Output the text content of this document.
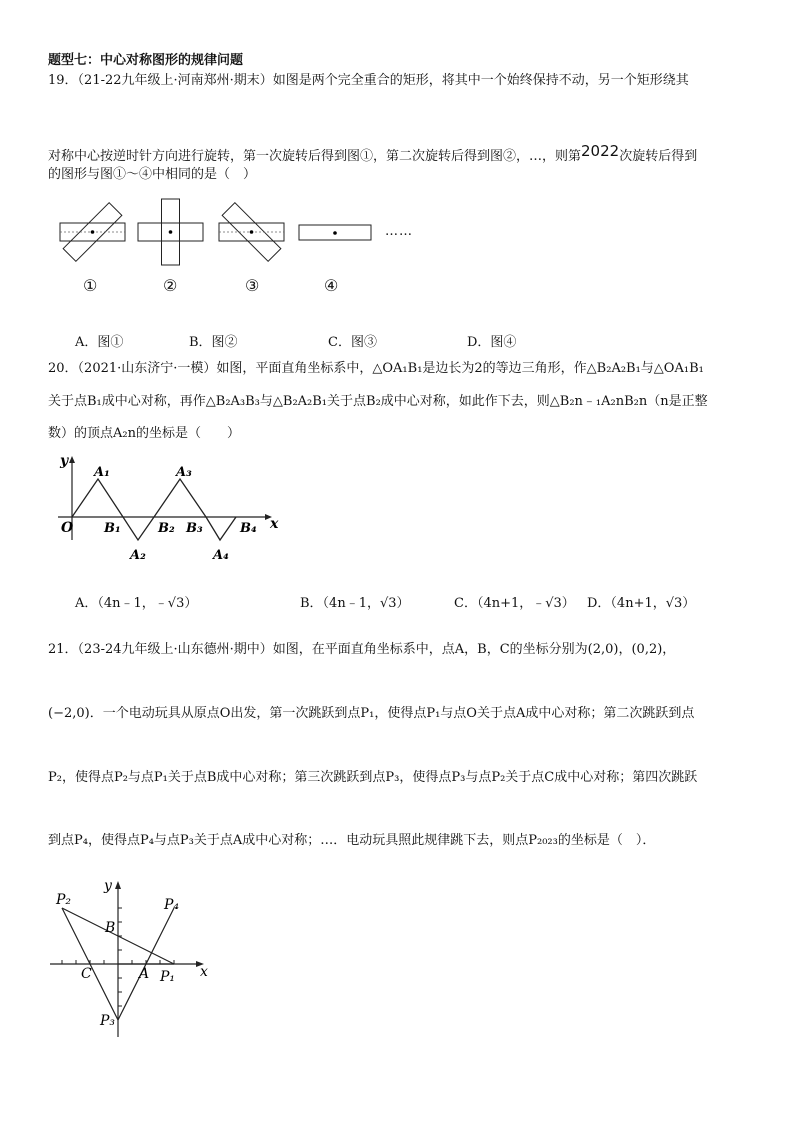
题型七：中心对称图形的规律问题
19．（21-22九年级上·河南郑州·期末）如图是两个完全重合的矩形，将其中一个始终保持不动，另一个矩形绕其
对称中心按逆时针方向进行旋转，第一次旋转后得到图①，第二次旋转后得到图②，…，则第2022次旋转后得到
的图形与图①～④中相同的是（　）
……
①	②	③	④
A．图①	B．图②	C．图③	D．图④
20．（2021·山东济宁·一模）如图，平面直角坐标系中，△OA₁B₁是边长为2的等边三角形，作△B₂A₂B₁与△OA₁B₁
关于点B₁成中心对称，再作△B₂A₃B₃与△B₂A₂B₁关于点B₂成中心对称，如此作下去，则△B₂n﹣₁A₂nB₂n（n是正整
数）的顶点A₂n的坐标是（　　）
y
x
O
A₁
A₂
A₃
A₄
B₁	B₂ B₃	B₄
A．（4n﹣1，﹣√3）	B．（4n﹣1，√3）	C．（4n+1，﹣√3） D．（4n+1，√3）
21．（23-24九年级上·山东德州·期中）如图，在平面直角坐标系中，点A，B，C的坐标分别为(2,0)，(0,2)，
(−2,0)．一个电动玩具从原点O出发，第一次跳跃到点P₁，使得点P₁与点O关于点A成中心对称；第二次跳跃到点
P₂，使得点P₂与点P₁关于点B成中心对称；第三次跳跃到点P₃，使得点P₃与点P₂关于点C成中心对称；第四次跳跃
到点P₄，使得点P₄与点P₃关于点A成中心对称；…．电动玩具照此规律跳下去，则点P₂₀₂₃的坐标是（　）．
y
x
P₁
P₂
P₃
P₄
A
B
C
